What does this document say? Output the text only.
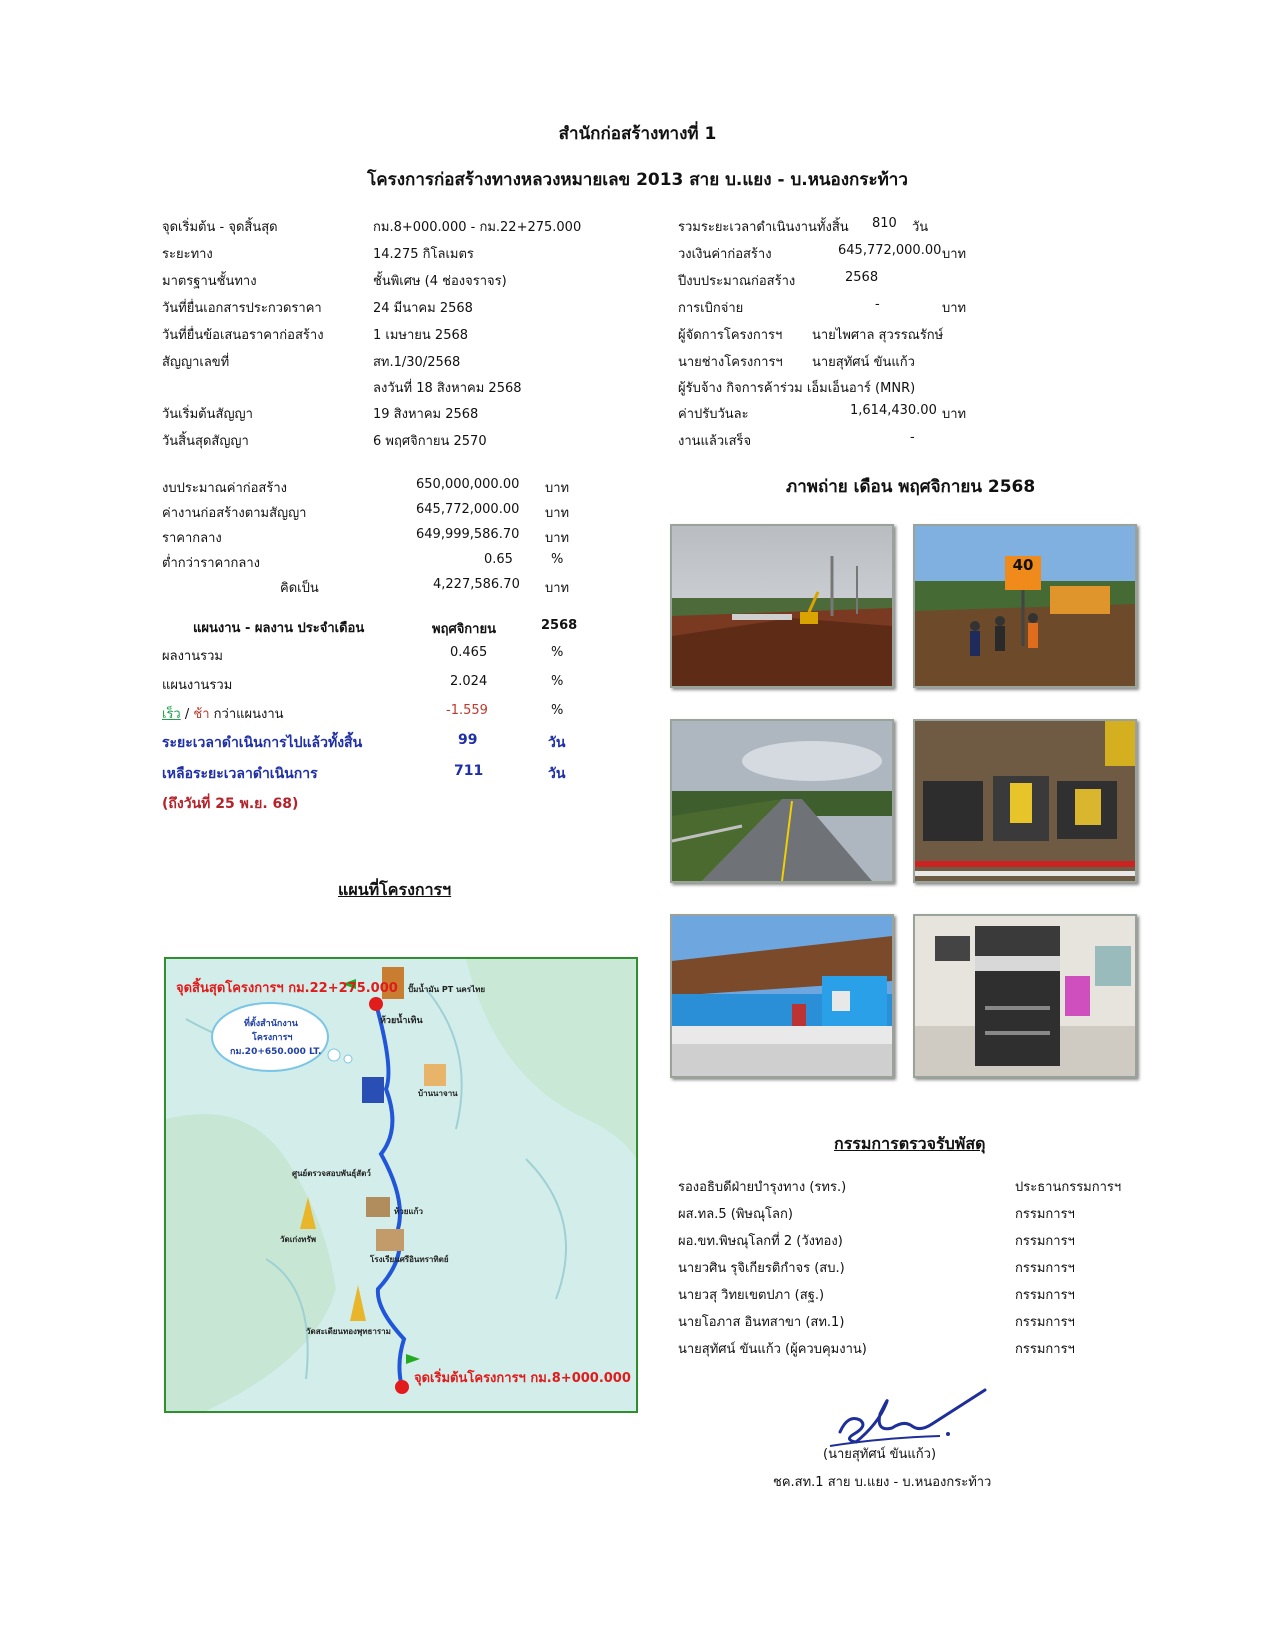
สำนักก่อสร้างทางที่ 1
โครงการก่อสร้างทางหลวงหมายเลข 2013 สาย บ.แยง - บ.หนองกระท้าว
จุดเริ่มต้น - จุดสิ้นสุด	กม.8+000.000 - กม.22+275.000
ระยะทาง	14.275 กิโลเมตร
มาตรฐานชั้นทาง	ชั้นพิเศษ (4 ช่องจราจร)
วันที่ยื่นเอกสารประกวดราคา	24 มีนาคม 2568
วันที่ยื่นข้อเสนอราคาก่อสร้าง	1 เมษายน 2568
สัญญาเลขที่	สท.1/30/2568
ลงวันที่ 18 สิงหาคม 2568
วันเริ่มต้นสัญญา	19 สิงหาคม 2568
วันสิ้นสุดสัญญา	6 พฤศจิกายน 2570
รวมระยะเวลาดำเนินงานทั้งสิ้น 810 วัน
วงเงินค่าก่อสร้าง	645,772,000.00 บาท
ปีงบประมาณก่อสร้าง	2568
การเบิกจ่าย	-	บาท
ผู้จัดการโครงการฯ นายไพศาล สุวรรณรักษ์
นายช่างโครงการฯ นายสุทัศน์ ขันแก้ว
ผู้รับจ้าง กิจการค้าร่วม เอ็มเอ็นอาร์ (MNR)
ค่าปรับวันละ	1,614,430.00 บาท
งานแล้วเสร็จ	-
งบประมาณค่าก่อสร้าง	650,000,000.00 บาท
ค่างานก่อสร้างตามสัญญา	645,772,000.00 บาท
ราคากลาง	649,999,586.70 บาท
ต่ำกว่าราคากลาง	0.65	%
คิดเป็น	4,227,586.70 บาท
แผนงาน - ผลงาน ประจำเดือน	พฤศจิกายน	2568
ผลงานรวม	0.465	%
แผนงานรวม	2.024	%
เร็ว / ช้า กว่าแผนงาน	-1.559	%
ระยะเวลาดำเนินการไปแล้วทั้งสิ้น	99	วัน
เหลือระยะเวลาดำเนินการ	711	วัน
(ถึงวันที่ 25 พ.ย. 68)
ภาพถ่าย เดือน พฤศจิกายน 2568
40
แผนที่โครงการฯ
จุดสิ้นสุดโครงการฯ กม.22+275.000
จุดเริ่มต้นโครงการฯ กม.8+000.000
ที่ตั้งสำนักงาน
โครงการฯ
กม.20+650.000 LT.
ปั๊มน้ำมัน PT นครไทย
ห้วยน้ำเทิน
บ้านนาจาน
ศูนย์ตรวจสอบพันธุ์สัตว์
ห้วยแก้ว
วัดเก่งทรัพ
โรงเรียนศรีอินทราทิตย์
วัดสะเดียนทองพุทธาราม
กรรมการตรวจรับพัสดุ
รองอธิบดีฝ่ายบำรุงทาง (รทร.)	ประธานกรรมการฯ
ผส.ทล.5 (พิษณุโลก)	กรรมการฯ
ผอ.ขท.พิษณุโลกที่ 2 (วังทอง)	กรรมการฯ
นายวศิน รุจิเกียรติกำจร (สบ.)	กรรมการฯ
นายวสุ วิทยเขตปภา (สฐ.)	กรรมการฯ
นายโอภาส อินทสาขา (สท.1)	กรรมการฯ
นายสุทัศน์ ขันแก้ว (ผู้ควบคุมงาน)	กรรมการฯ
(นายสุทัศน์ ขันแก้ว)
ชค.สท.1 สาย บ.แยง - บ.หนองกระท้าว
